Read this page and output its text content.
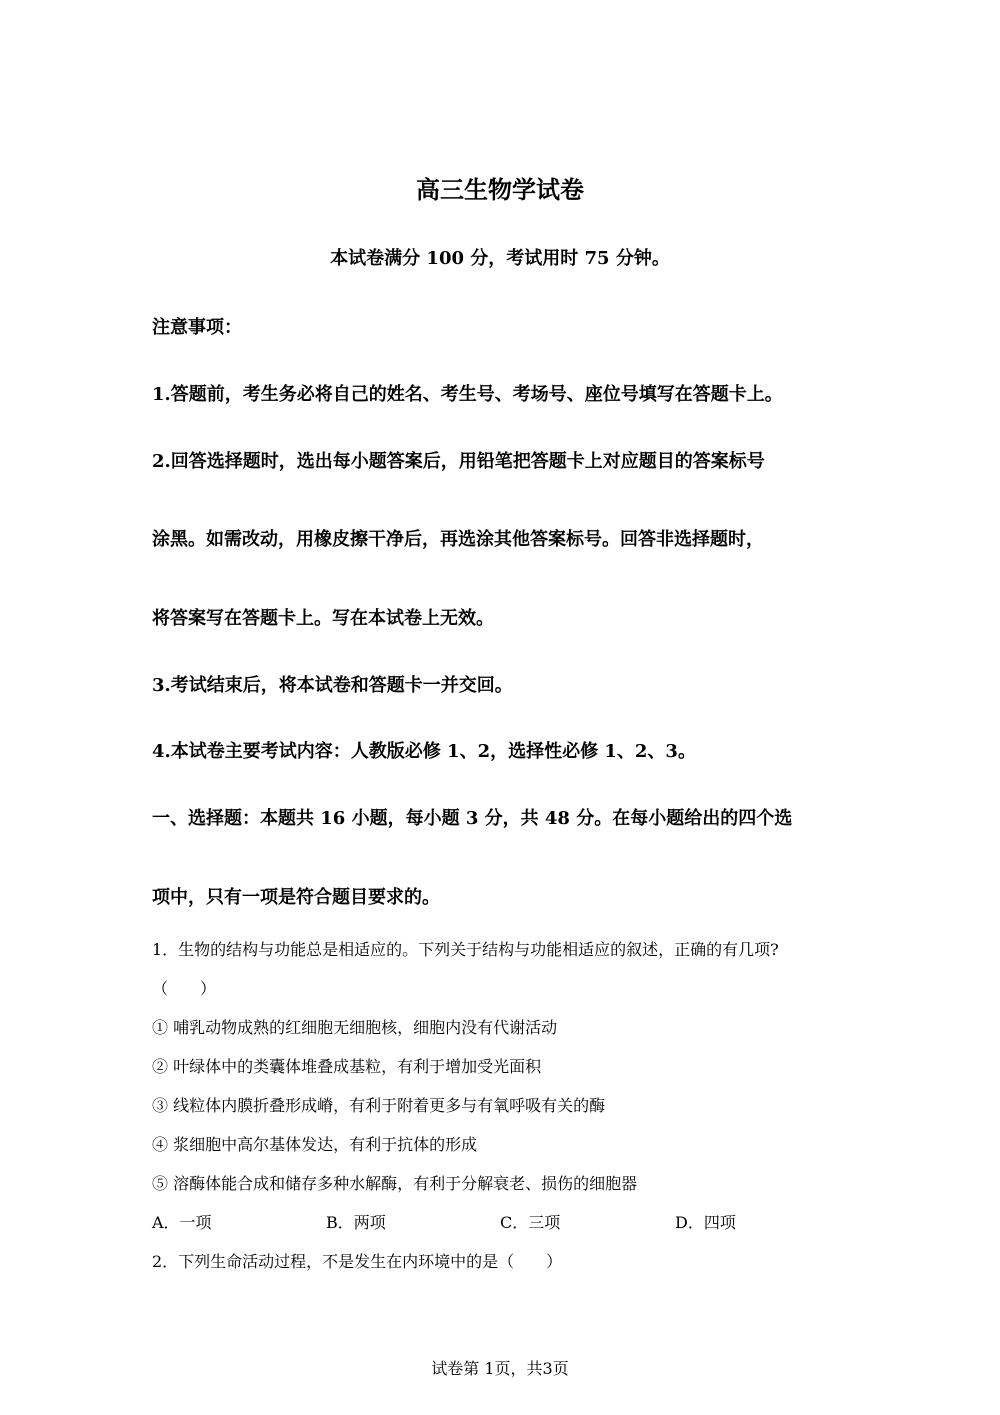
高三生物学试卷
本试卷满分 100 分，考试用时 75 分钟。
注意事项：
1.答题前，考生务必将自己的姓名、考生号、考场号、座位号填写在答题卡上。
2.回答选择题时，选出每小题答案后，用铅笔把答题卡上对应题目的答案标号
涂黑。如需改动，用橡皮擦干净后，再选涂其他答案标号。回答非选择题时，
将答案写在答题卡上。写在本试卷上无效。
3.考试结束后，将本试卷和答题卡一并交回。
4.本试卷主要考试内容：人教版必修 1、2，选择性必修 1、2、3。
一、选择题：本题共 16 小题，每小题 3 分，共 48 分。在每小题给出的四个选
项中，只有一项是符合题目要求的。
1．生物的结构与功能总是相适应的。下列关于结构与功能相适应的叙述，正确的有几项?
（　　）
① 哺乳动物成熟的红细胞无细胞核，细胞内没有代谢活动
② 叶绿体中的类囊体堆叠成基粒，有利于增加受光面积
③ 线粒体内膜折叠形成嵴，有利于附着更多与有氧呼吸有关的酶
④ 浆细胞中高尔基体发达，有利于抗体的形成
⑤ 溶酶体能合成和储存多种水解酶，有利于分解衰老、损伤的细胞器
A．一项	B．两项	C．三项	D．四项
2．下列生命活动过程，不是发生在内环境中的是（　　）
试卷第 1页，共3页
